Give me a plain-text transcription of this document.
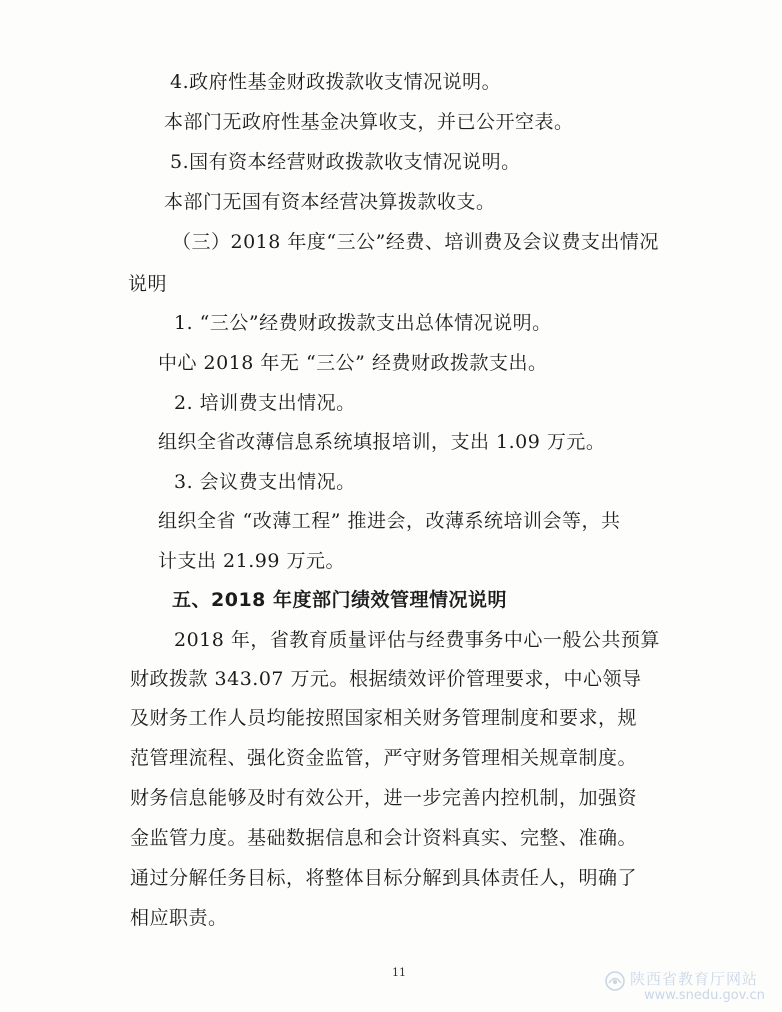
4.政府性基金财政拨款收支情况说明。
本部门无政府性基金决算收支，并已公开空表。
5.国有资本经营财政拨款收支情况说明。
本部门无国有资本经营决算拨款收支。
（三）2018 年度“三公”经费、培训费及会议费支出情况
说明
1. “三公”经费财政拨款支出总体情况说明。
中心 2018 年无 “三公” 经费财政拨款支出。
2. 培训费支出情况。
组织全省改薄信息系统填报培训，支出 1.09 万元。
3. 会议费支出情况。
组织全省 “改薄工程” 推进会，改薄系统培训会等，共
计支出 21.99 万元。
五、2018 年度部门绩效管理情况说明
2018 年，省教育质量评估与经费事务中心一般公共预算
财政拨款 343.07 万元。根据绩效评价管理要求，中心领导
及财务工作人员均能按照国家相关财务管理制度和要求，规
范管理流程、强化资金监管，严守财务管理相关规章制度。
财务信息能够及时有效公开，进一步完善内控机制，加强资
金监管力度。基础数据信息和会计资料真实、完整、准确。
通过分解任务目标，将整体目标分解到具体责任人，明确了
相应职责。
11	陕西省教育厅网站
www.snedu.gov.cn
